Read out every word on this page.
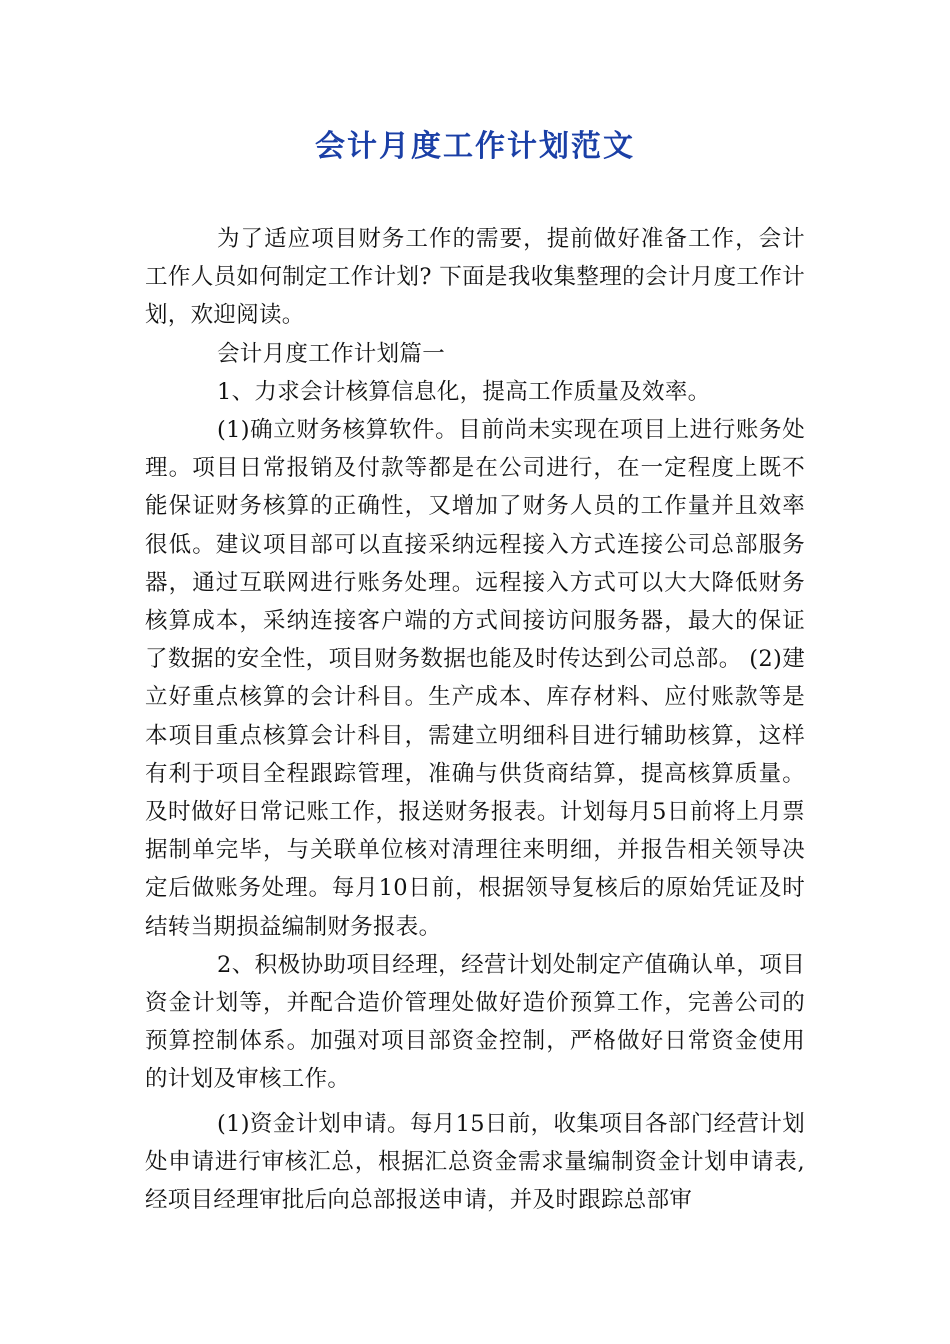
会计月度工作计划范文

为了适应项目财务工作的需要，提前做好准备工作，会计工作人员如何制定工作计划? 下面是我收集整理的会计月度工作计划，欢迎阅读。

会计月度工作计划篇一

1、力求会计核算信息化，提高工作质量及效率。

(1)确立财务核算软件。目前尚未实现在项目上进行账务处理。项目日常报销及付款等都是在公司进行，在一定程度上既不能保证财务核算的正确性，又增加了财务人员的工作量并且效率很低。建议项目部可以直接采纳远程接入方式连接公司总部服务器，通过互联网进行账务处理。远程接入方式可以大大降低财务核算成本，采纳连接客户端的方式间接访问服务器，最大的保证了数据的安全性，项目财务数据也能及时传达到公司总部。 (2)建立好重点核算的会计科目。生产成本、库存材料、应付账款等是本项目重点核算会计科目，需建立明细科目进行辅助核算，这样有利于项目全程跟踪管理，准确与供货商结算，提高核算质量。及时做好日常记账工作，报送财务报表。计划每月5日前将上月票据制单完毕，与关联单位核对清理往来明细，并报告相关领导决定后做账务处理。每月10日前，根据领导复核后的原始凭证及时结转当期损益编制财务报表。

2、积极协助项目经理，经营计划处制定产值确认单，项目资金计划等，并配合造价管理处做好造价预算工作，完善公司的预算控制体系。加强对项目部资金控制，严格做好日常资金使用的计划及审核工作。

(1)资金计划申请。每月15日前，收集项目各部门经营计划处申请进行审核汇总，根据汇总资金需求量编制资金计划申请表,经项目经理审批后向总部报送申请，并及时跟踪总部审
